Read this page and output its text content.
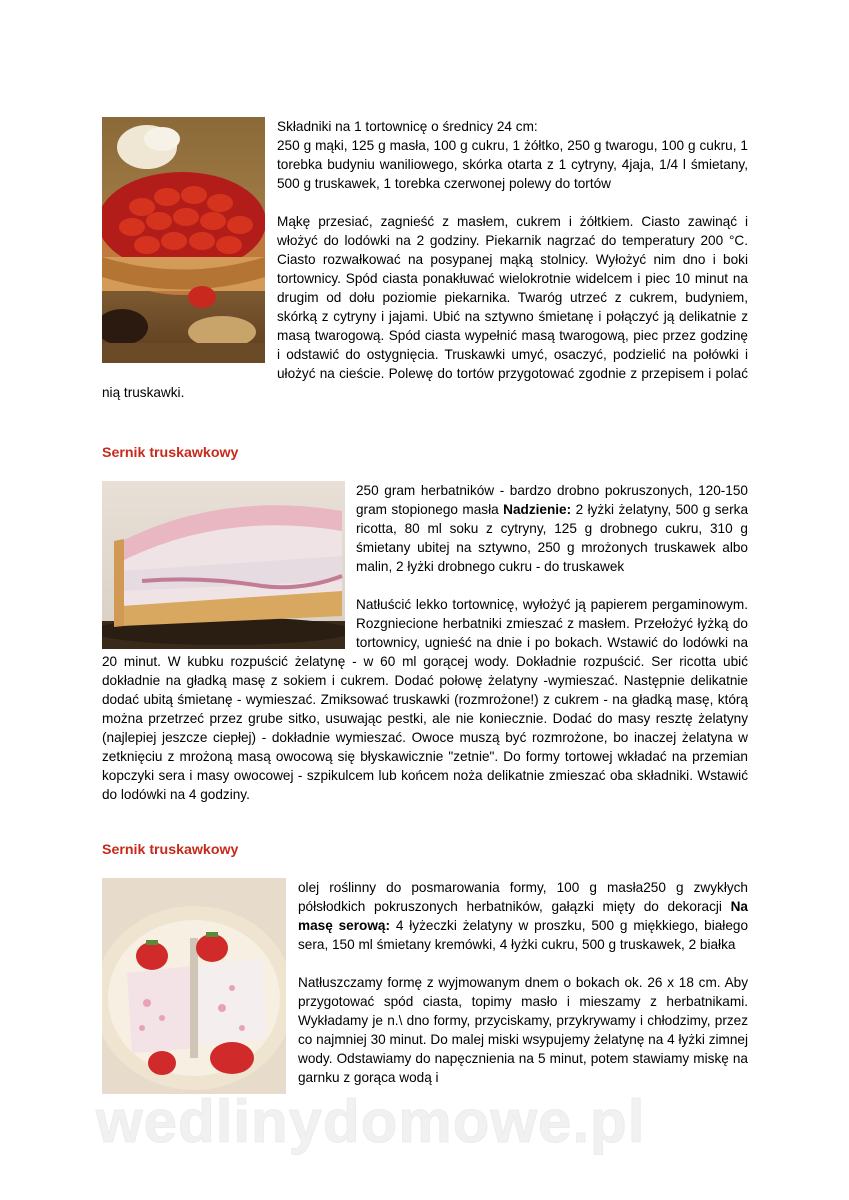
Składniki na 1 tortownicę o średnicy 24 cm:
250 g mąki, 125 g masła, 100 g cukru, 1 żółtko, 250 g twarogu, 100 g cukru, 1 torebka budyniu waniliowego, skórka otarta z 1 cytryny, 4jaja, 1/4 l śmietany, 500 g truskawek, 1 torebka czerwonej polewy do tortów
Mąkę przesiać, zagnieść z masłem, cukrem i żółtkiem. Ciasto zawinąć i włożyć do lodówki na 2 godziny. Piekarnik nagrzać do temperatury 200 °C. Ciasto rozwałkować na posypanej mąką stolnicy. Wyłożyć nim dno i boki tortownicy. Spód ciasta ponakłuwać wielokrotnie widelcem i piec 10 minut na drugim od dołu poziomie piekarnika. Twaróg utrzeć z cukrem, budyniem, skórką z cytryny i jajami. Ubić na sztywno śmietanę i połączyć ją delikatnie z masą twarogową. Spód ciasta wypełnić masą twarogową, piec przez godzinę i odstawić do ostygnięcia. Truskawki umyć, osaczyć, podzielić na połówki i ułożyć na cieście. Polewę do tortów przygotować zgodnie z przepisem i polać nią truskawki.
Sernik truskawkowy
250 gram herbatników - bardzo drobno pokruszonych, 120-150 gram stopionego masła Nadzienie: 2 łyżki żelatyny, 500 g serka ricotta, 80 ml soku z cytryny, 125 g drobnego cukru, 310 g śmietany ubitej na sztywno, 250 g mrożonych truskawek albo malin, 2 łyżki drobnego cukru - do truskawek
Natłuścić lekko tortownicę, wyłożyć ją papierem pergaminowym. Rozgniecione herbatniki zmieszać z masłem. Przełożyć łyżką do tortownicy, ugnieść na dnie i po bokach. Wstawić do lodówki na 20 minut. W kubku rozpuścić żelatynę - w 60 ml gorącej wody. Dokładnie rozpuścić. Ser ricotta ubić dokładnie na gładką masę z sokiem i cukrem. Dodać połowę żelatyny -wymieszać. Następnie delikatnie dodać ubitą śmietanę - wymieszać. Zmiksować truskawki (rozmrożone!) z cukrem - na gładką masę, którą można przetrzeć przez grube sitko, usuwając pestki, ale nie koniecznie. Dodać do masy resztę żelatyny (najlepiej jeszcze ciepłej) - dokładnie wymieszać. Owoce muszą być rozmrożone, bo inaczej żelatyna w zetknięciu z mrożoną masą owocową się błyskawicznie "zetnie". Do formy tortowej wkładać na przemian kopczyki sera i masy owocowej - szpikulcem lub końcem noża delikatnie zmieszać oba składniki. Wstawić do lodówki na 4 godziny.
Sernik truskawkowy
olej roślinny do posmarowania formy, 100 g masła250 g zwykłych półsłodkich pokruszonych herbatników, gałązki mięty do dekoracji Na masę serową: 4 łyżeczki żelatyny w proszku, 500 g miękkiego, białego sera, 150 ml śmietany kremówki, 4 łyżki cukru, 500 g truskawek, 2 białka
Natłuszczamy formę z wyjmowanym dnem o bokach ok. 26 x 18 cm. Aby przygotować spód ciasta, topimy masło i mieszamy z herbatnikami. Wykładamy je n.\ dno formy, przyciskamy, przykrywamy i chłodzimy, przez co najmniej 30 minut. Do malej miski wsypujemy żelatynę na 4 łyżki zimnej wody. Odstawiamy do napęcznienia na 5 minut, potem stawiamy miskę na garnku z gorąca wodą i
wedlinydomowe.pl
